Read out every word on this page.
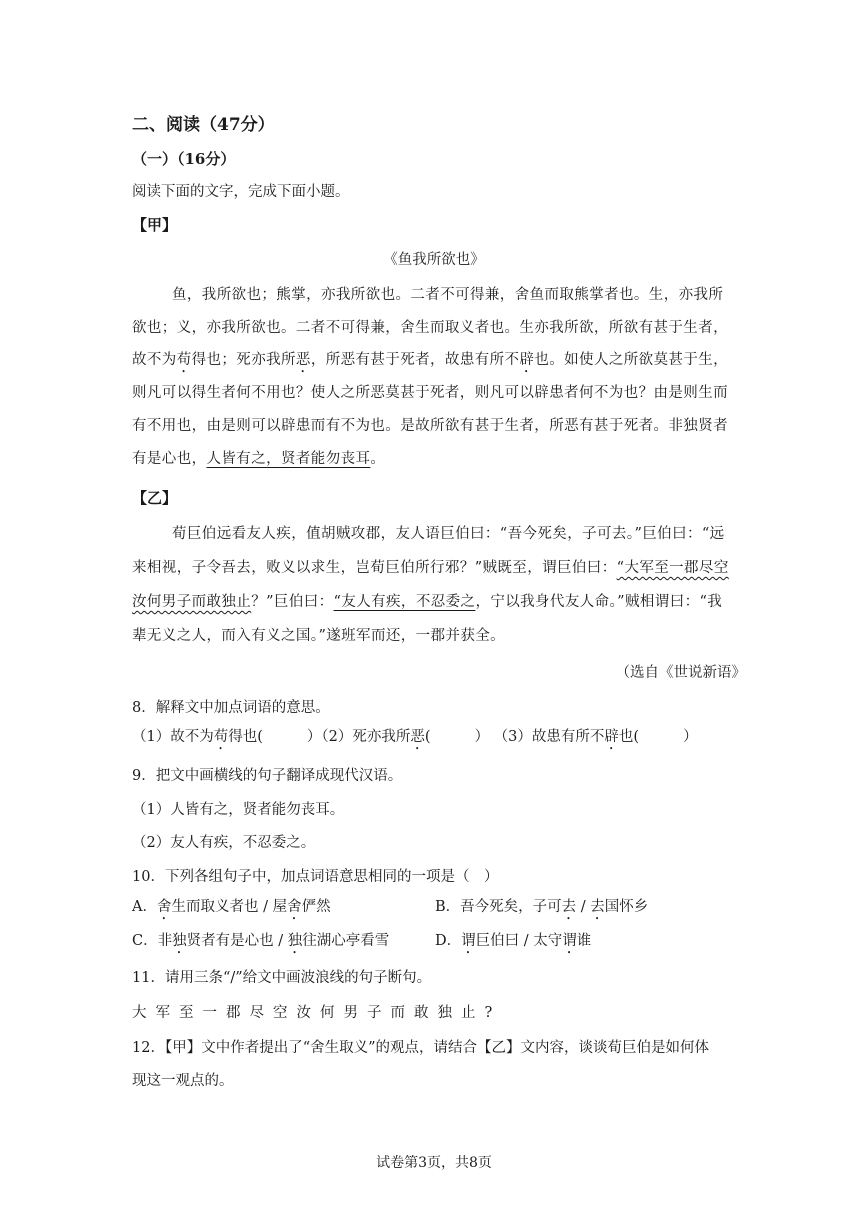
二、阅读（47分）
（一）（16分）
阅读下面的文字，完成下面小题。
【甲】
《鱼我所欲也》
鱼，我所欲也；熊掌，亦我所欲也。二者不可得兼，舍鱼而取熊掌者也。生，亦我所
欲也；义，亦我所欲也。二者不可得兼，舍生而取义者也。生亦我所欲，所欲有甚于生者，
故不为苟得也；死亦我所恶，所恶有甚于死者，故患有所不辟也。如使人之所欲莫甚于生，
则凡可以得生者何不用也？使人之所恶莫甚于死者，则凡可以辟患者何不为也？由是则生而
有不用也，由是则可以辟患而有不为也。是故所欲有甚于生者，所恶有甚于死者。非独贤者
有是心也，人皆有之，贤者能勿丧耳。
【乙】
荀巨伯远看友人疾，值胡贼攻郡，友人语巨伯曰：“吾今死矣，子可去。”巨伯曰：“远
来相视，子令吾去，败义以求生，岂荀巨伯所行邪？”贼既至，谓巨伯曰：“大军至一郡尽空
汝何男子而敢独止？”巨伯曰：“友人有疾，不忍委之，宁以我身代友人命。”贼相谓曰：“我
辈无义之人，而入有义之国。”遂班军而还，一郡并获全。
（选自《世说新语》
8．解释文中加点词语的意思。
（1）故不为苟得也(	）（2）死亦我所恶(	） （3）故患有所不辟也(	）
9．把文中画横线的句子翻译成现代汉语。
（1）人皆有之，贤者能勿丧耳。
（2）友人有疾，不忍委之。
10．下列各组句子中，加点词语意思相同的一项是（　）
A．舍生而取义者也 / 屋舍俨然	B．吾今死矣，子可去 / 去国怀乡
C．非独贤者有是心也 / 独往湖心亭看雪	D．谓巨伯曰 / 太守谓谁
11．请用三条“/”给文中画波浪线的句子断句。
大军至一郡尽空汝何男子而敢独止?
12．【甲】文中作者提出了“舍生取义”的观点，请结合【乙】文内容，谈谈荀巨伯是如何体
现这一观点的。
试卷第3页，共8页
